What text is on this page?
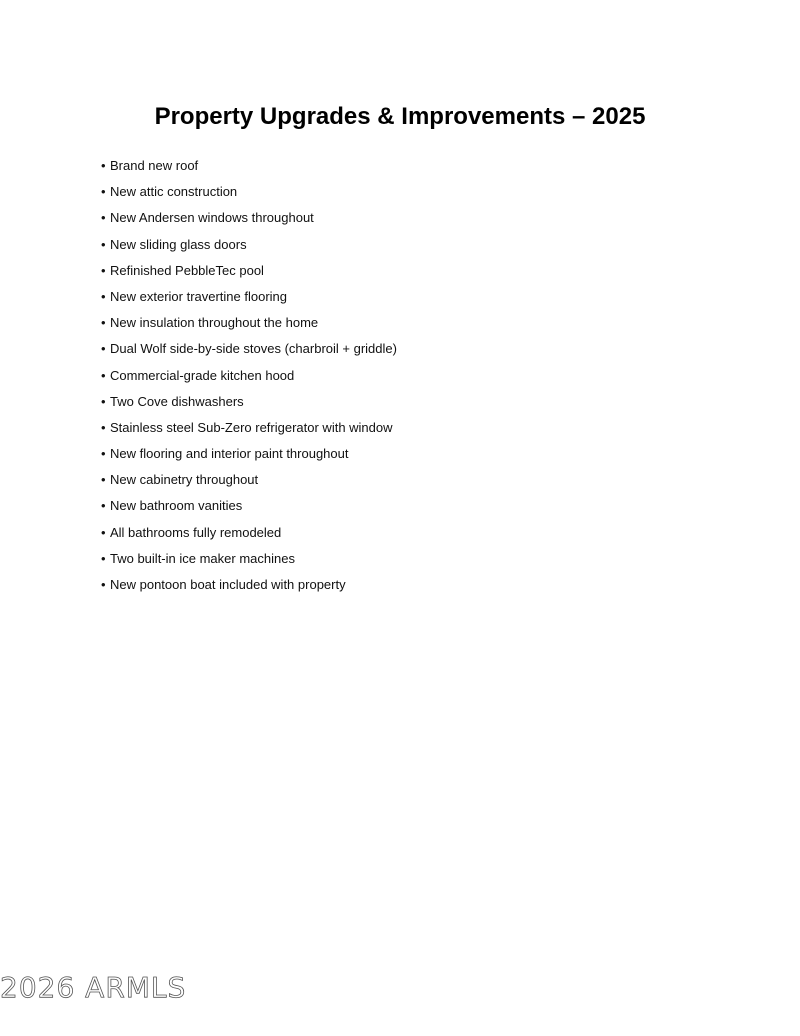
Property Upgrades & Improvements – 2025
• Brand new roof
• New attic construction
• New Andersen windows throughout
• New sliding glass doors
• Refinished PebbleTec pool
• New exterior travertine flooring
• New insulation throughout the home
• Dual Wolf side-by-side stoves (charbroil + griddle)
• Commercial-grade kitchen hood
• Two Cove dishwashers
• Stainless steel Sub-Zero refrigerator with window
• New flooring and interior paint throughout
• New cabinetry throughout
• New bathroom vanities
• All bathrooms fully remodeled
• Two built-in ice maker machines
• New pontoon boat included with property
2026 ARMLS
